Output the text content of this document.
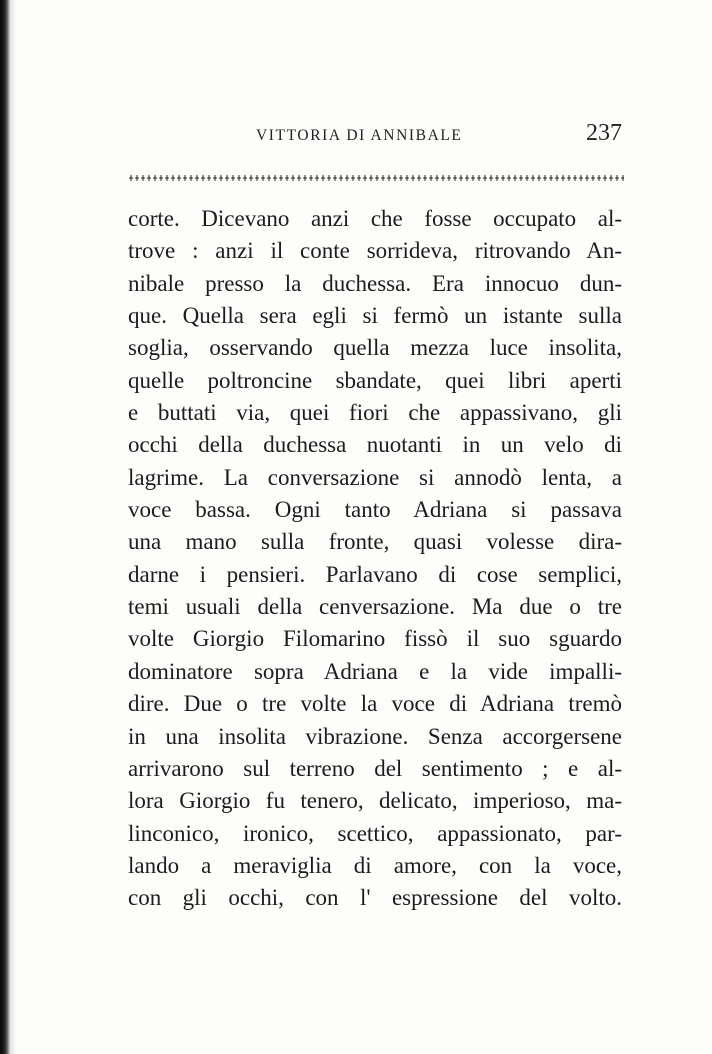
VITTORIA DI ANNIBALE	237
corte. Dicevano anzi che fosse occupato al-
trove : anzi il conte sorrideva, ritrovando An-
nibale presso la duchessa. Era innocuo dun-
que. Quella sera egli si fermò un istante sulla
soglia, osservando quella mezza luce insolita,
quelle poltroncine sbandate, quei libri aperti
e buttati via, quei fiori che appassivano, gli
occhi della duchessa nuotanti in un velo di
lagrime. La conversazione si annodò lenta, a
voce bassa. Ogni tanto Adriana si passava
una mano sulla fronte, quasi volesse dira-
darne i pensieri. Parlavano di cose semplici,
temi usuali della cenversazione. Ma due o tre
volte Giorgio Filomarino fissò il suo sguardo
dominatore sopra Adriana e la vide impalli-
dire. Due o tre volte la voce di Adriana tremò
in una insolita vibrazione. Senza accorgersene
arrivarono sul terreno del sentimento ; e al-
lora Giorgio fu tenero, delicato, imperioso, ma-
linconico, ironico, scettico, appassionato, par-
lando a meraviglia di amore, con la voce,
con gli occhi, con l' espressione del volto.
